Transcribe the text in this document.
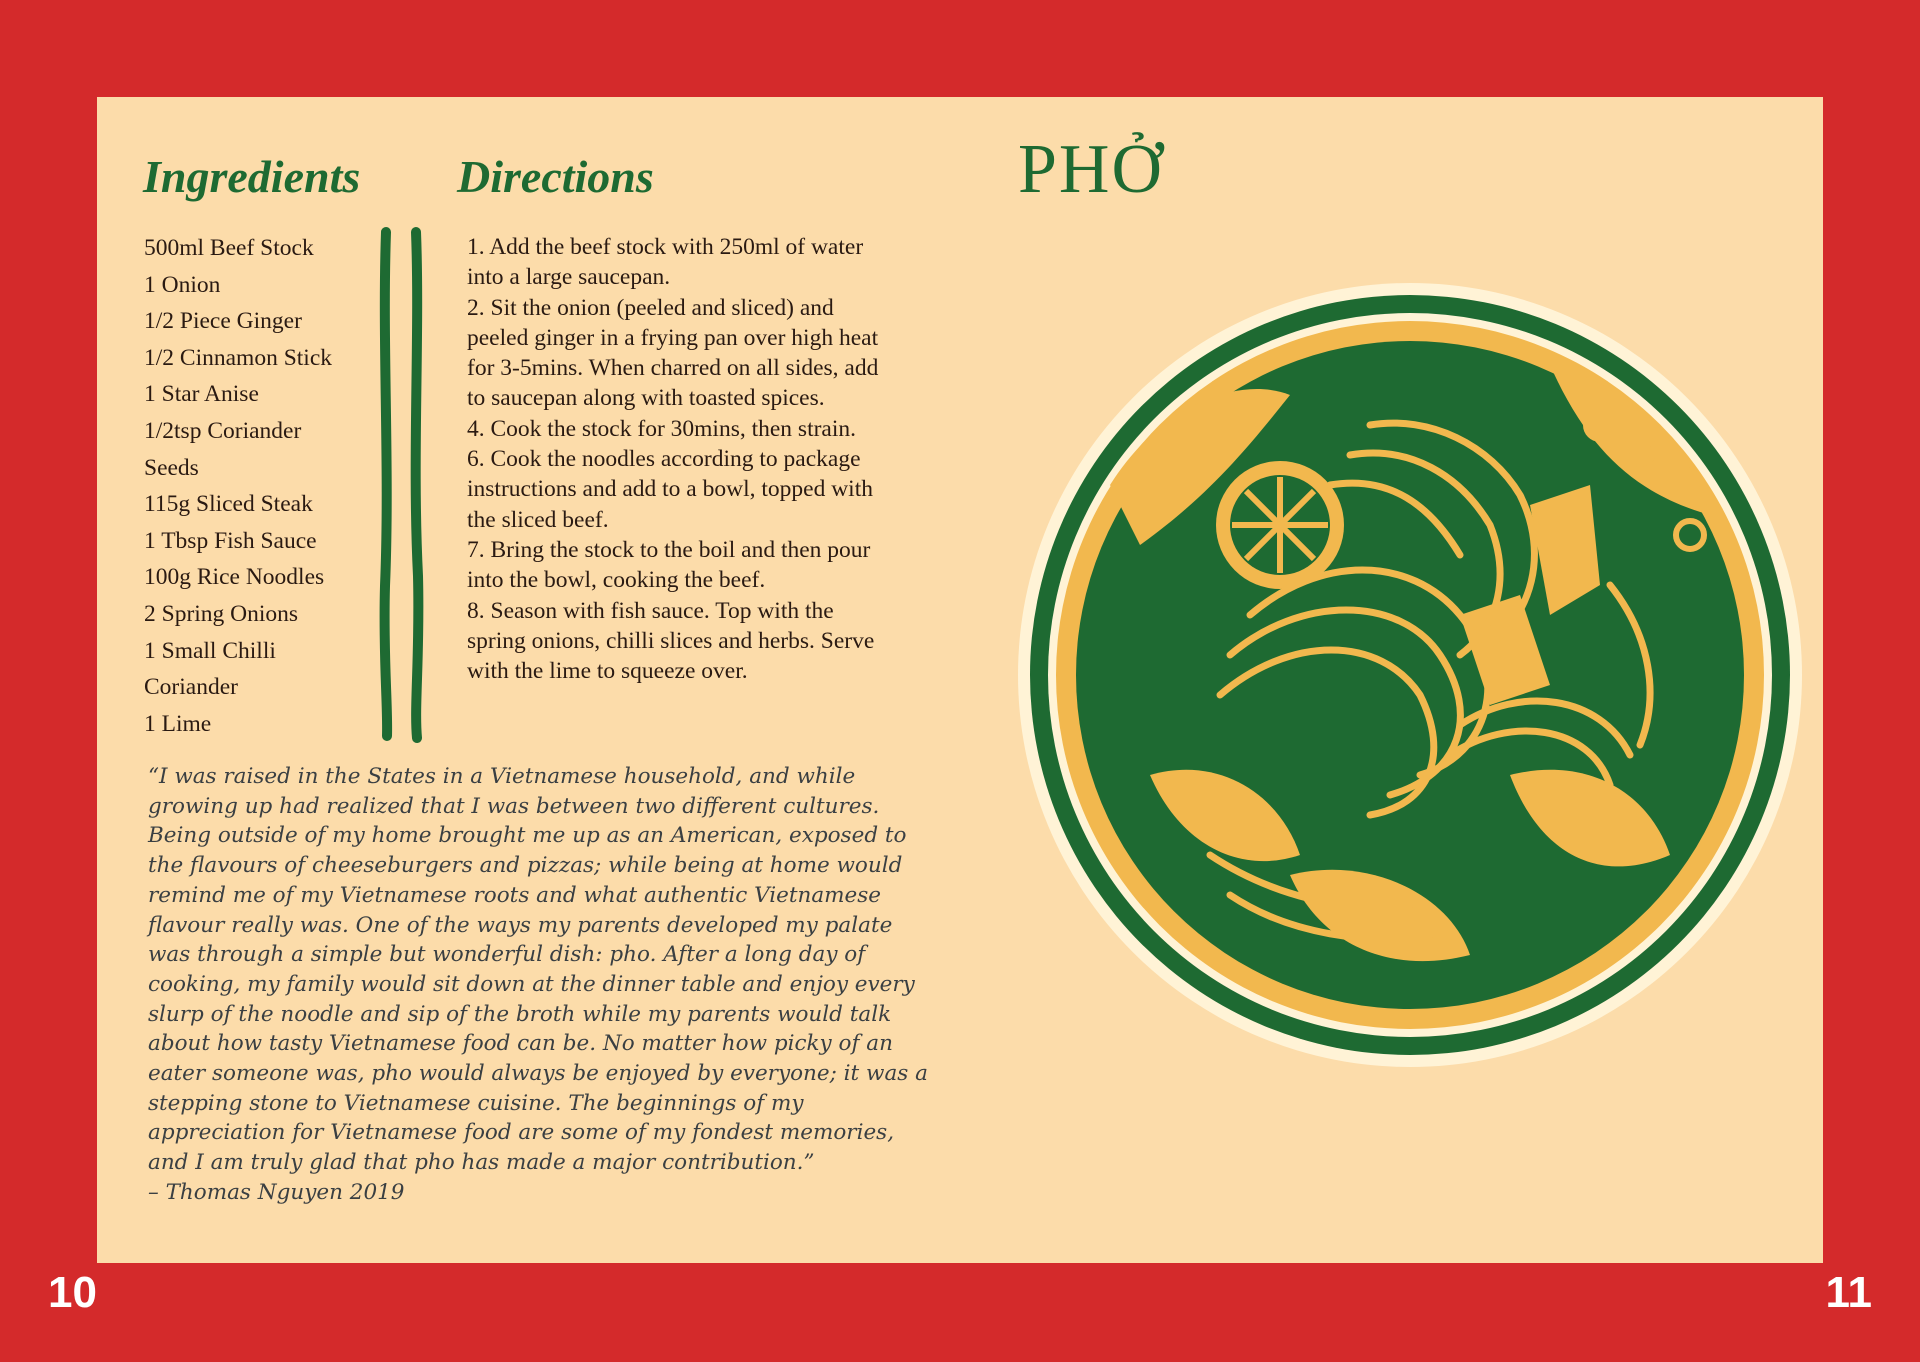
Ingredients Directions
500ml Beef Stock
1 Onion
1/2 Piece Ginger
1/2 Cinnamon Stick
1 Star Anise
1/2tsp Coriander
Seeds
115g Sliced Steak
1 Tbsp Fish Sauce
100g Rice Noodles
2 Spring Onions
1 Small Chilli
Coriander
1 Lime
1. Add the beef stock with 250ml of water into a large saucepan.
2. Sit the onion (peeled and sliced) and peeled ginger in a frying pan over high heat for 3-5mins. When charred on all sides, add to saucepan along with toasted spices.
4. Cook the stock for 30mins, then strain.
6. Cook the noodles according to package instructions and add to a bowl, topped with the sliced beef.
7. Bring the stock to the boil and then pour into the bowl, cooking the beef.
8. Season with fish sauce. Top with the spring onions, chilli slices and herbs. Serve with the lime to squeeze over.

“I was raised in the States in a Vietnamese household, and while growing up had realized that I was between two different cultures. Being outside of my home brought me up as an American, exposed to the flavours of cheeseburgers and pizzas; while being at home would remind me of my Vietnamese roots and what authentic Vietnamese flavour really was. One of the ways my parents developed my palate was through a simple but wonderful dish: pho. After a long day of cooking, my family would sit down at the dinner table and enjoy every slurp of the noodle and sip of the broth while my parents would talk about how tasty Vietnamese food can be. No matter how picky of an eater someone was, pho would always be enjoyed by everyone; it was a stepping stone to Vietnamese cuisine. The beginnings of my appreciation for Vietnamese food are some of my fondest memories, and I am truly glad that pho has made a major contribution.” – Thomas Nguyen 2019

PHỞ
10	11
